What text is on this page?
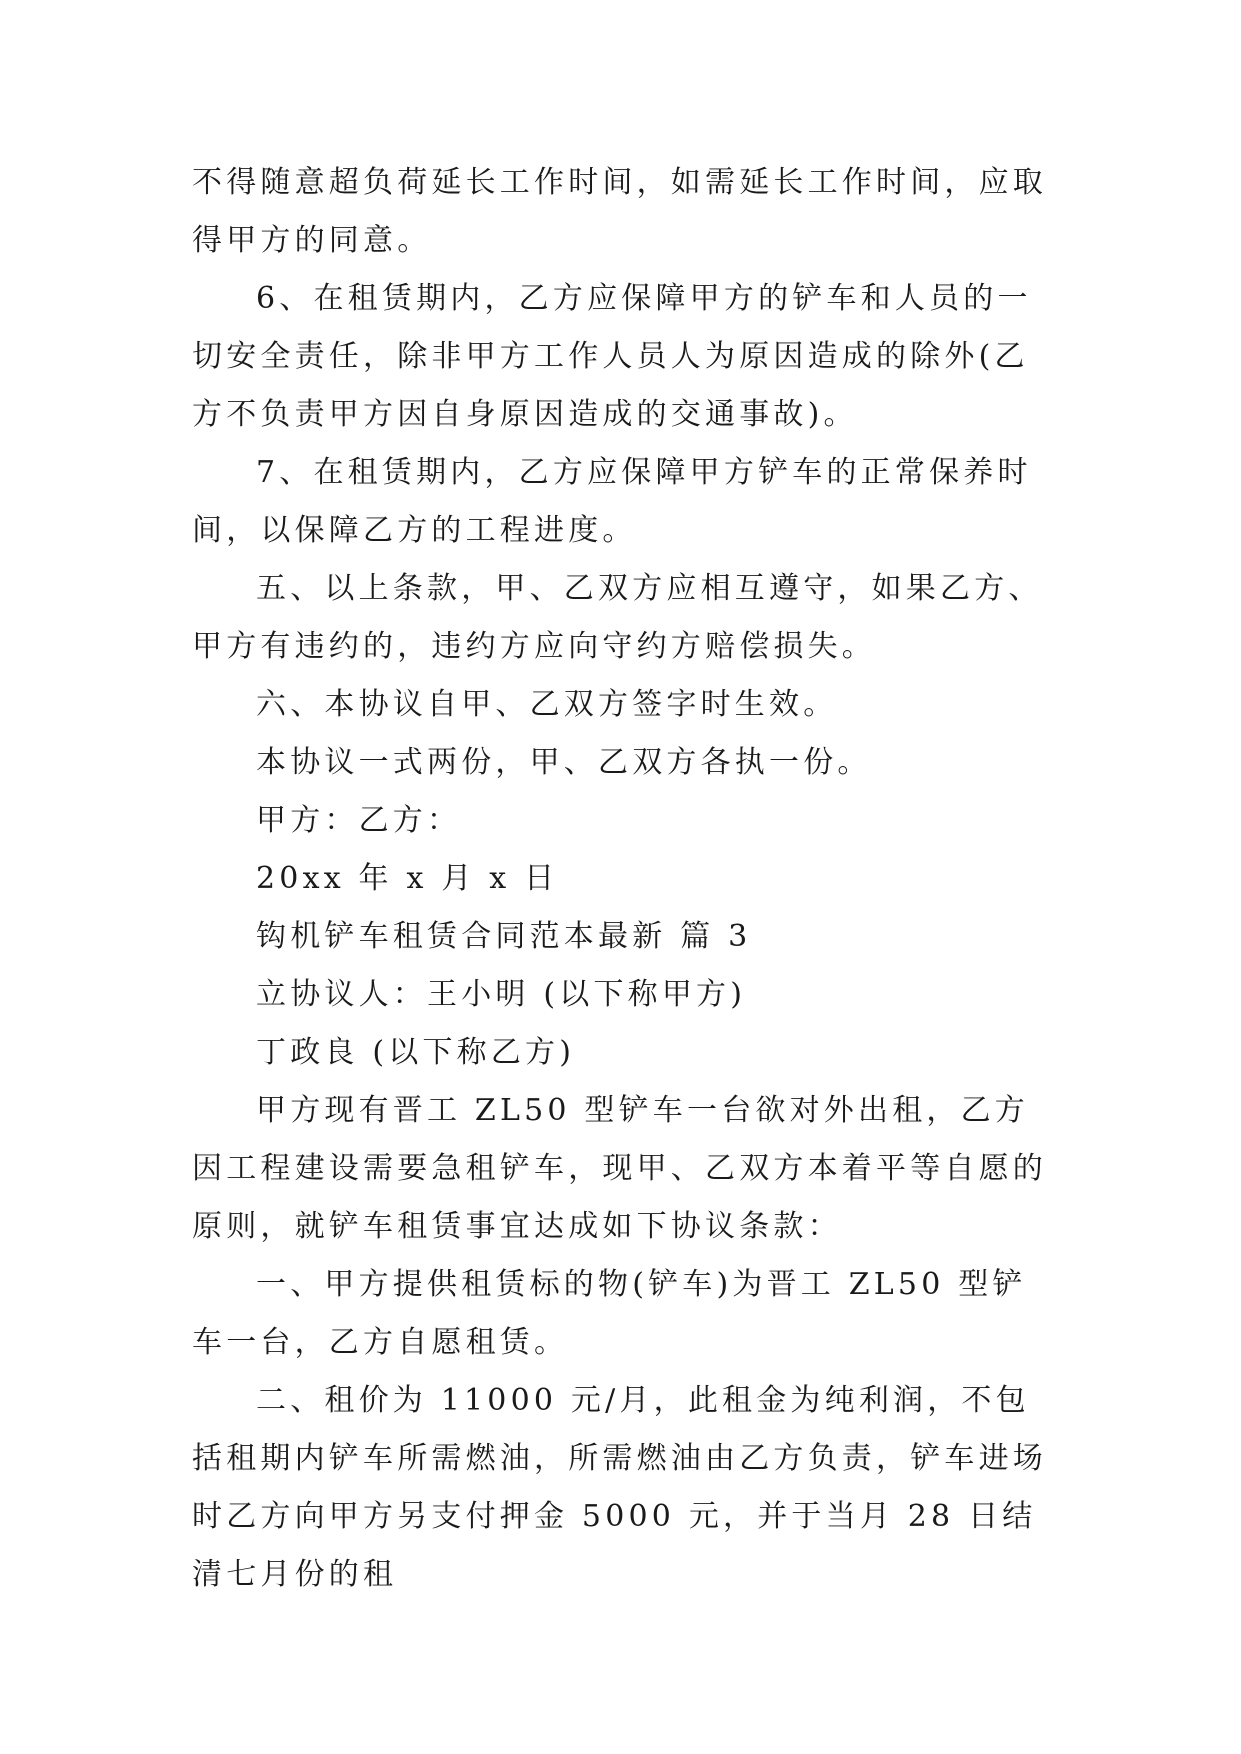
不得随意超负荷延长工作时间，如需延长工作时间，应取得甲方的同意。

6、在租赁期内，乙方应保障甲方的铲车和人员的一切安全责任，除非甲方工作人员人为原因造成的除外(乙方不负责甲方因自身原因造成的交通事故)。

7、在租赁期内，乙方应保障甲方铲车的正常保养时间，以保障乙方的工程进度。

五、以上条款，甲、乙双方应相互遵守，如果乙方、甲方有违约的，违约方应向守约方赔偿损失。

六、本协议自甲、乙双方签字时生效。

本协议一式两份，甲、乙双方各执一份。

甲方：乙方：

20xx 年 x 月 x 日

钩机铲车租赁合同范本最新 篇 3

立协议人：王小明 (以下称甲方)

丁政良 (以下称乙方)

甲方现有晋工 ZL50 型铲车一台欲对外出租，乙方因工程建设需要急租铲车，现甲、乙双方本着平等自愿的原则，就铲车租赁事宜达成如下协议条款：

一、甲方提供租赁标的物(铲车)为晋工 ZL50 型铲车一台，乙方自愿租赁。

二、租价为 11000 元/月，此租金为纯利润，不包括租期内铲车所需燃油，所需燃油由乙方负责，铲车进场时乙方向甲方另支付押金 5000 元，并于当月 28 日结清七月份的租
